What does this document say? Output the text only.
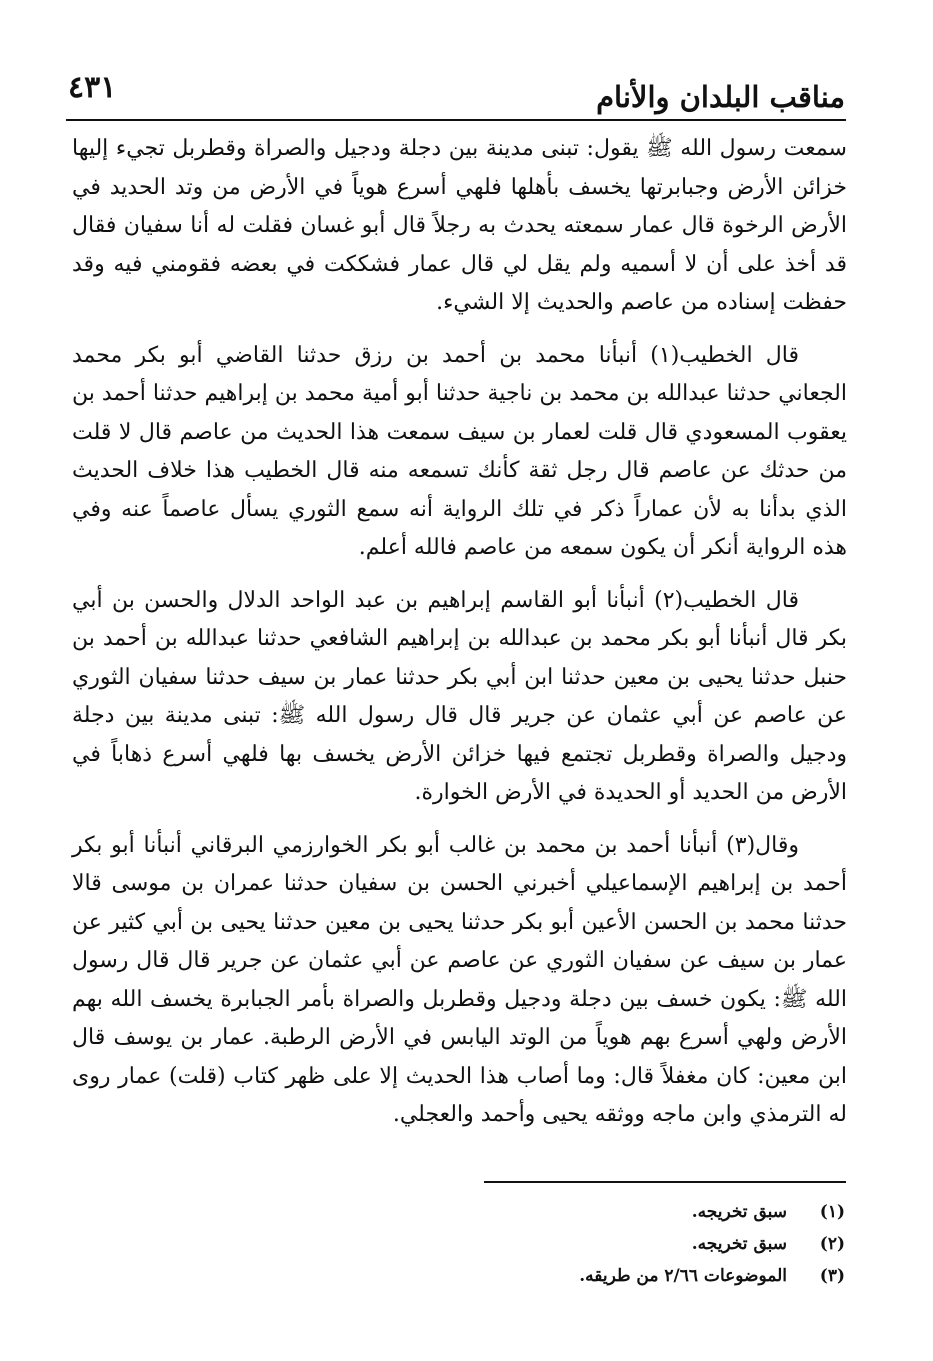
٤٣١	مناقب البلدان والأنام

سمعت رسول الله ﷺ يقول: تبنى مدينة بين دجلة ودجيل والصراة وقطربل تجيء إليها خزائن الأرض وجبابرتها يخسف بأهلها فلهي أسرع هوياً في الأرض من وتد الحديد في الأرض الرخوة قال عمار سمعته يحدث به رجلاً قال أبو غسان فقلت له أنا سفيان فقال قد أخذ على أن لا أسميه ولم يقل لي قال عمار فشككت في بعضه فقومني فيه وقد حفظت إسناده من عاصم والحديث إلا الشيء.

قال الخطيب(١) أنبأنا محمد بن أحمد بن رزق حدثنا القاضي أبو بكر محمد الجعاني حدثنا عبدالله بن محمد بن ناجية حدثنا أبو أمية محمد بن إبراهيم حدثنا أحمد بن يعقوب المسعودي قال قلت لعمار بن سيف سمعت هذا الحديث من عاصم قال لا قلت من حدثك عن عاصم قال رجل ثقة كأنك تسمعه منه قال الخطيب هذا خلاف الحديث الذي بدأنا به لأن عماراً ذكر في تلك الرواية أنه سمع الثوري يسأل عاصماً عنه وفي هذه الرواية أنكر أن يكون سمعه من عاصم فالله أعلم.

قال الخطيب(٢) أنبأنا أبو القاسم إبراهيم بن عبد الواحد الدلال والحسن بن أبي بكر قال أنبأنا أبو بكر محمد بن عبدالله بن إبراهيم الشافعي حدثنا عبدالله بن أحمد بن حنبل حدثنا يحيى بن معين حدثنا ابن أبي بكر حدثنا عمار بن سيف حدثنا سفيان الثوري عن عاصم عن أبي عثمان عن جرير قال قال رسول الله ﷺ: تبنى مدينة بين دجلة ودجيل والصراة وقطربل تجتمع فيها خزائن الأرض يخسف بها فلهي أسرع ذهاباً في الأرض من الحديد أو الحديدة في الأرض الخوارة.

وقال(٣) أنبأنا أحمد بن محمد بن غالب أبو بكر الخوارزمي البرقاني أنبأنا أبو بكر أحمد بن إبراهيم الإسماعيلي أخبرني الحسن بن سفيان حدثنا عمران بن موسى قالا حدثنا محمد بن الحسن الأعين أبو بكر حدثنا يحيى بن معين حدثنا يحيى بن أبي كثير عن عمار بن سيف عن سفيان الثوري عن عاصم عن أبي عثمان عن جرير قال قال رسول الله ﷺ: يكون خسف بين دجلة ودجيل وقطربل والصراة بأمر الجبابرة يخسف الله بهم الأرض ولهي أسرع بهم هوياً من الوتد اليابس في الأرض الرطبة. عمار بن يوسف قال ابن معين: كان مغفلاً قال: وما أصاب هذا الحديث إلا على ظهر كتاب (قلت) عمار روى له الترمذي وابن ماجه ووثقه يحيى وأحمد والعجلي.

(١)
سبق تخريجه.
(٢)
سبق تخريجه.
(٣)
الموضوعات ٢/٦٦ من طريقه.
